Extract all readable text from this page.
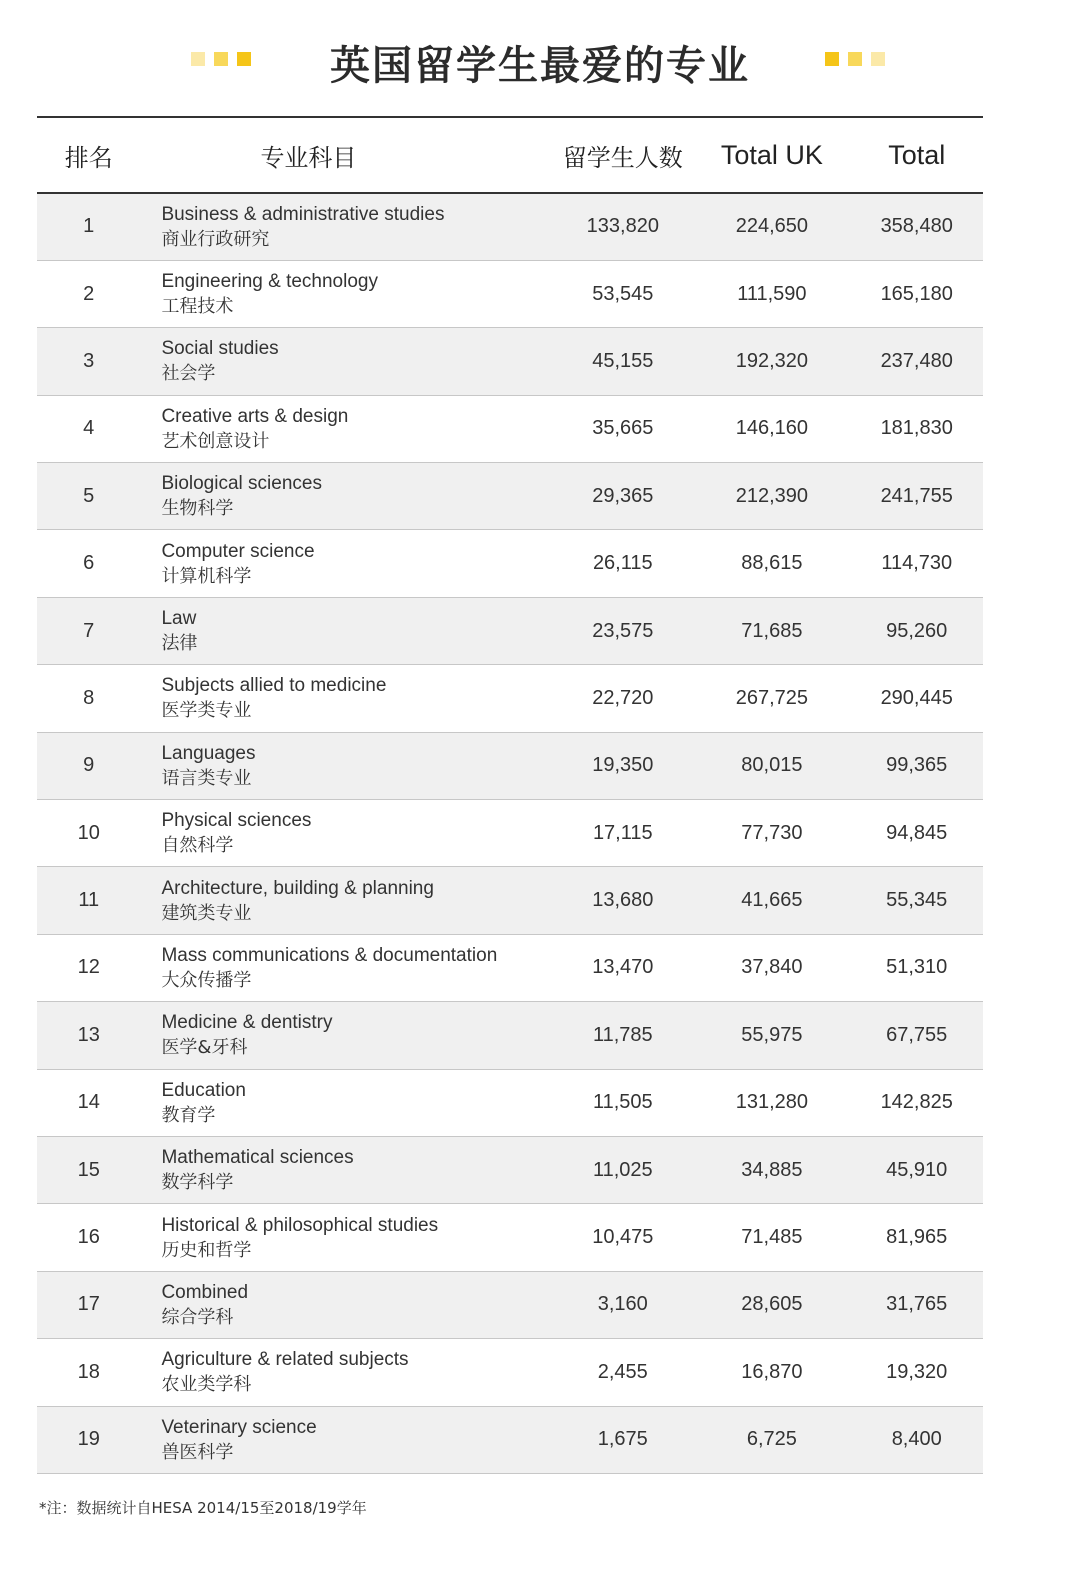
英国留学生最爱的专业
排名	专业科目	留学生人数	Total UK	Total
1	Business & administrative studies
商业行政研究	133,820	224,650	358,480
2	Engineering & technology
工程技术	53,545	111,590	165,180
3	Social studies
社会学	45,155	192,320	237,480
4	Creative arts & design
艺术创意设计	35,665	146,160	181,830
5	Biological sciences
生物科学	29,365	212,390	241,755
6	Computer science
计算机科学	26,115	88,615	114,730
7	Law
法律	23,575	71,685	95,260
8	Subjects allied to medicine
医学类专业	22,720	267,725	290,445
9	Languages
语言类专业	19,350	80,015	99,365
10	Physical sciences
自然科学	17,115	77,730	94,845
11	Architecture, building & planning
建筑类专业	13,680	41,665	55,345
12	Mass communications & documentation
大众传播学	13,470	37,840	51,310
13	Medicine & dentistry
医学&牙科	11,785	55,975	67,755
14	Education
教育学	11,505	131,280	142,825
15	Mathematical sciences
数学科学	11,025	34,885	45,910
16	Historical & philosophical studies
历史和哲学	10,475	71,485	81,965
17	Combined
综合学科	3,160	28,605	31,765
18	Agriculture & related subjects
农业类学科	2,455	16,870	19,320
19	Veterinary science
兽医科学	1,675	6,725	8,400
*注：数据统计自HESA 2014/15至2018/19学年
